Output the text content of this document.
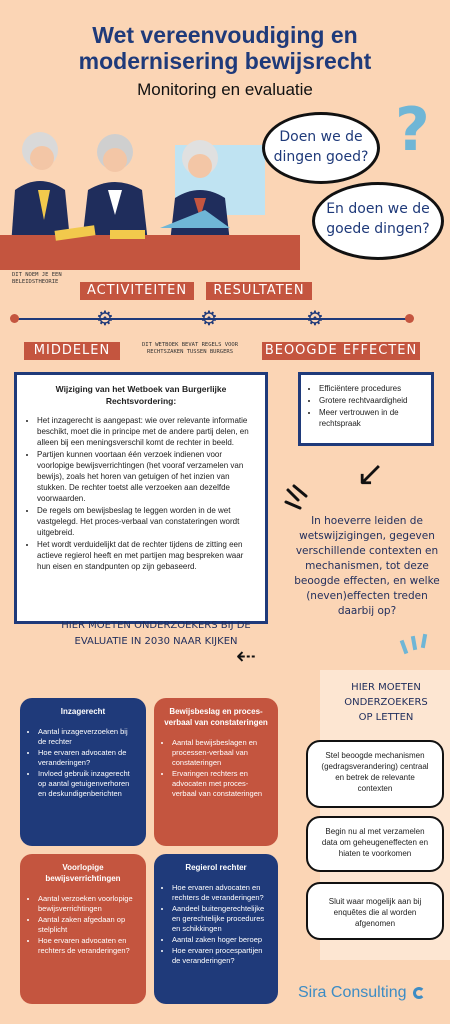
Wet vereenvoudiging en
modernisering bewijsrecht
Monitoring en evaluatie
Doen we de dingen goed?
En doen we de goede dingen?
?
DIT NOEM JE EEN BELEIDSTHEORIE
⚙	⚙	⚙
ACTIVITEITEN	RESULTATEN
MIDDELEN	DIT WETBOEK BEVAT REGELS VOOR RECHTSZAKEN TUSSEN BURGERS	BEOOGDE EFFECTEN
Wijziging van het Wetboek van Burgerlijke Rechtsvordering:
• Het inzagerecht is aangepast: wie over relevante informatie beschikt, moet die in principe met de andere partij delen, en alleen bij een meningsverschil komt de rechter in beeld.
• Partijen kunnen voortaan één verzoek indienen voor voorlopige bewijsverrichtingen (het vooraf verzamelen van bewijs), zoals het horen van getuigen of het inzien van stukken. De rechter toetst alle verzoeken aan dezelfde voorwaarden.
• De regels om bewijsbeslag te leggen worden in de wet vastgelegd. Het proces-verbaal van constateringen wordt uitgebreid.
• Het wordt verduidelijkt dat de rechter tijdens de zitting een actieve regierol heeft en met partijen mag bespreken waar hun eisen en standpunten op zijn gebaseerd.
• Efficiëntere procedures
• Grotere rechtvaardigheid
• Meer vertrouwen in de rechtspraak
↙
In hoeverre leiden de wetswijzigingen, gegeven verschillende contexten en mechanismen, tot deze beoogde effecten, en welke (neven)effecten treden daarbij op?
HIER MOETEN ONDERZOEKERS BIJ DE EVALUATIE IN 2030 NAAR KIJKEN
⇠
Inzagerecht
• Aantal inzageverzoeken bij de rechter
• Hoe ervaren advocaten de veranderingen?
• Invloed gebruik inzagerecht op aantal getuigenverhoren en deskundigenberichten
Bewijsbeslag en proces-verbaal van constateringen
• Aantal bewijsbeslagen en processen-verbaal van constateringen
• Ervaringen rechters en advocaten met proces-verbaal van constateringen
Voorlopige bewijsverrichtingen
• Aantal verzoeken voorlopige bewijsverrichtingen
• Aantal zaken afgedaan op stelplicht
• Hoe ervaren advocaten en rechters de veranderingen?
Regierol rechter
• Hoe ervaren advocaten en rechters de veranderingen?
• Aandeel buitengerechtelijke en gerechtelijke procedures en schikkingen
• Aantal zaken hoger beroep
• Hoe ervaren procespartijen de veranderingen?
HIER MOETEN ONDERZOEKERS OP LETTEN
Stel beoogde mechanismen (gedragsverandering) centraal en betrek de relevante contexten
Begin nu al met verzamelen data om geheugeneffecten en hiaten te voorkomen
Sluit waar mogelijk aan bij enquêtes die al worden afgenomen
Sira Consulting
